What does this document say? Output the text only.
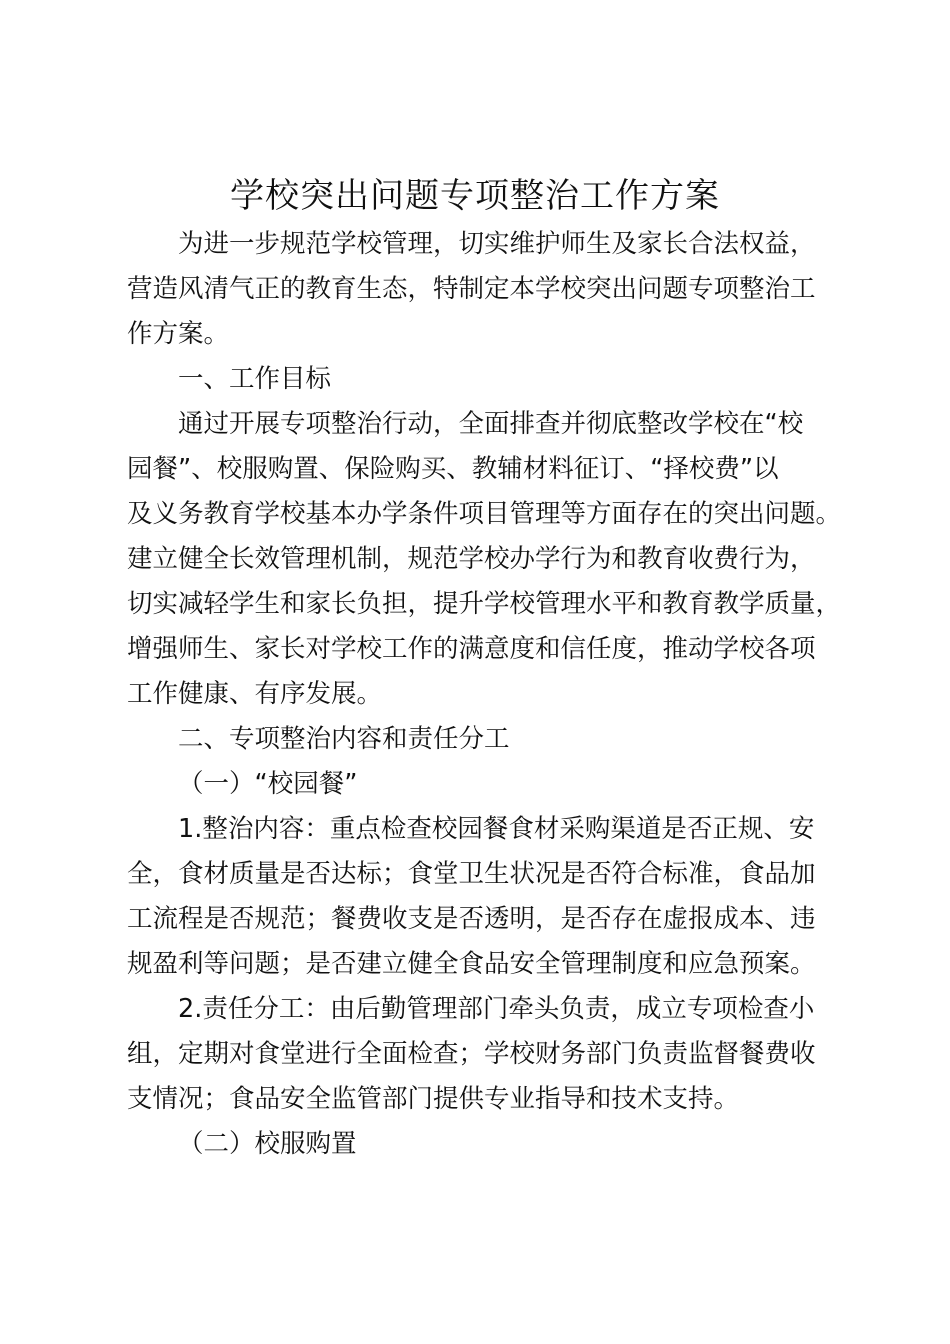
学校突出问题专项整治工作方案

为进一步规范学校管理，切实维护师生及家长合法权益，

营造风清气正的教育生态，特制定本学校突出问题专项整治工

作方案。

一、工作目标

通过开展专项整治行动，全面排查并彻底整改学校在“校

园餐”、校服购置、保险购买、教辅材料征订、“择校费”以

及义务教育学校基本办学条件项目管理等方面存在的突出问题。

建立健全长效管理机制，规范学校办学行为和教育收费行为，

切实减轻学生和家长负担，提升学校管理水平和教育教学质量，

增强师生、家长对学校工作的满意度和信任度，推动学校各项

工作健康、有序发展。

二、专项整治内容和责任分工

（一）“校园餐”

1.整治内容：重点检查校园餐食材采购渠道是否正规、安

全，食材质量是否达标；食堂卫生状况是否符合标准，食品加

工流程是否规范；餐费收支是否透明，是否存在虚报成本、违

规盈利等问题；是否建立健全食品安全管理制度和应急预案。

2.责任分工：由后勤管理部门牵头负责，成立专项检查小

组，定期对食堂进行全面检查；学校财务部门负责监督餐费收

支情况；食品安全监管部门提供专业指导和技术支持。

（二）校服购置
